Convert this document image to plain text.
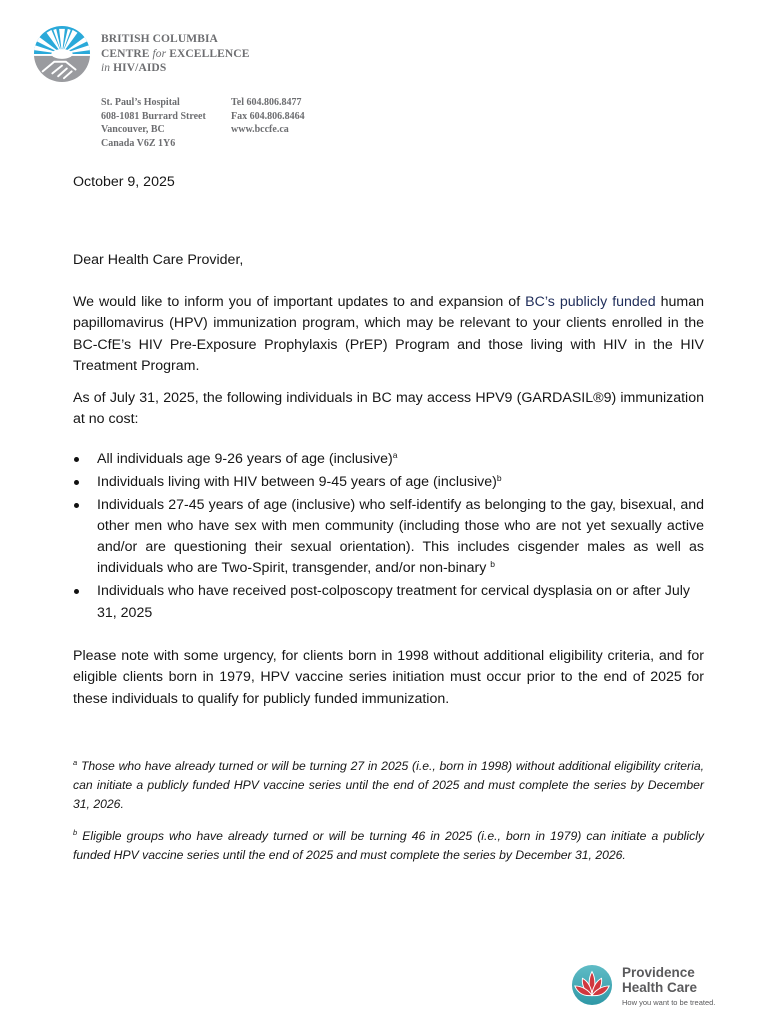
BRITISH COLUMBIA
CENTRE for EXCELLENCE
in HIV/AIDS
St. Paul’s Hospital
608-1081 Burrard Street
Vancouver, BC
Canada V6Z 1Y6
Tel 604.806.8477
Fax 604.806.8464
www.bccfe.ca
October 9, 2025
Dear Health Care Provider,
We would like to inform you of important updates to and expansion of BC’s publicly funded human papillomavirus (HPV) immunization program, which may be relevant to your clients enrolled in the BC-CfE’s HIV Pre-Exposure Prophylaxis (PrEP) Program and those living with HIV in the HIV Treatment Program.
As of July 31, 2025, the following individuals in BC may access HPV9 (GARDASIL®9) immunization at no cost:
All individuals age 9-26 years of age (inclusive)$^a$
Individuals living with HIV between 9-45 years of age (inclusive)$^b$
Individuals 27-45 years of age (inclusive) who self-identify as belonging to the gay, bisexual, and other men who have sex with men community (including those who are not yet sexually active and/or are questioning their sexual orientation). This includes cisgender males as well as individuals who are Two-Spirit, transgender, and/or non-binary $^b$
Individuals who have received post-colposcopy treatment for cervical dysplasia on or after July 31, 2025
Please note with some urgency, for clients born in 1998 without additional eligibility criteria, and for eligible clients born in 1979, HPV vaccine series initiation must occur prior to the end of 2025 for these individuals to qualify for publicly funded immunization.
$^a$ Those who have already turned or will be turning 27 in 2025 (i.e., born in 1998) without additional eligibility criteria, can initiate a publicly funded HPV vaccine series until the end of 2025 and must complete the series by December 31, 2026.
$^b$ Eligible groups who have already turned or will be turning 46 in 2025 (i.e., born in 1979) can initiate a publicly funded HPV vaccine series until the end of 2025 and must complete the series by December 31, 2026.
Providence
Health Care
How you want to be treated.
